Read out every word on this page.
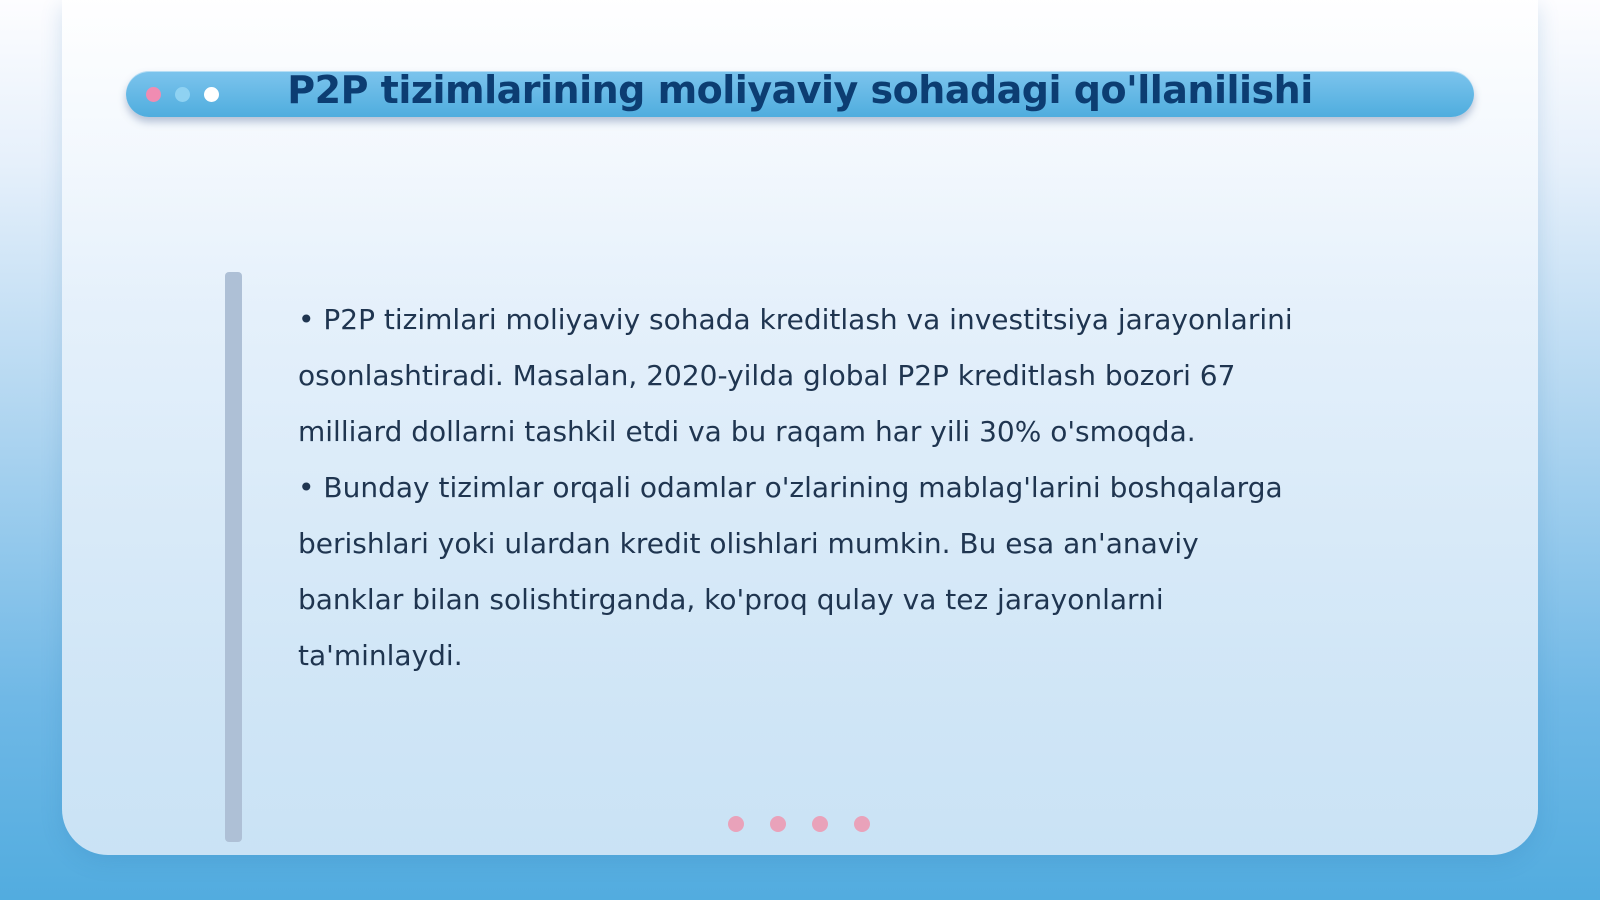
P2P tizimlarining moliyaviy sohadagi qo'llanilishi

• P2P tizimlari moliyaviy sohada kreditlash va investitsiya jarayonlarini osonlashtiradi. Masalan, 2020-yilda global P2P kreditlash bozori 67 milliard dollarni tashkil etdi va bu raqam har yili 30% o'smoqda.

• Bunday tizimlar orqali odamlar o'zlarining mablag'larini boshqalarga berishlari yoki ulardan kredit olishlari mumkin. Bu esa an'anaviy banklar bilan solishtirganda, ko'proq qulay va tez jarayonlarni ta'minlaydi.
